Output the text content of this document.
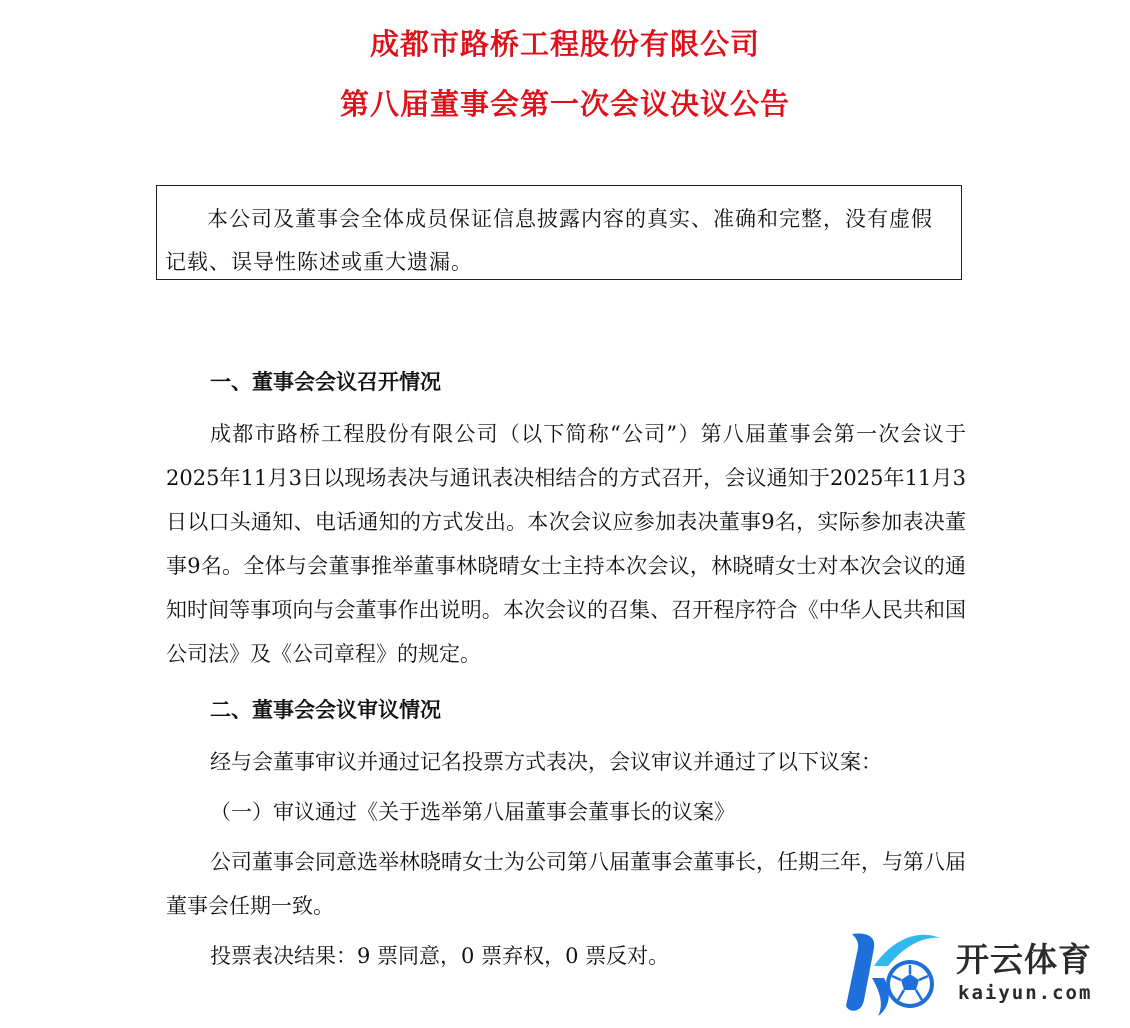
成都市路桥工程股份有限公司
第八届董事会第一次会议决议公告

本公司及董事会全体成员保证信息披露内容的真实、准确和完整，没有虚假记载、误导性陈述或重大遗漏。

一、董事会会议召开情况

成都市路桥工程股份有限公司（以下简称“公司”）第八届董事会第一次会议于2025年11月3日以现场表决与通讯表决相结合的方式召开，会议通知于2025年11月3日以口头通知、电话通知的方式发出。本次会议应参加表决董事9名，实际参加表决董事9名。全体与会董事推举董事林晓晴女士主持本次会议，林晓晴女士对本次会议的通知时间等事项向与会董事作出说明。本次会议的召集、召开程序符合《中华人民共和国公司法》及《公司章程》的规定。

二、董事会会议审议情况

经与会董事审议并通过记名投票方式表决，会议审议并通过了以下议案：

（一）审议通过《关于选举第八届董事会董事长的议案》

公司董事会同意选举林晓晴女士为公司第八届董事会董事长，任期三年，与第八届董事会任期一致。

投票表决结果：9 票同意，0 票弃权，0 票反对。	开云体育
kaiyun.com
